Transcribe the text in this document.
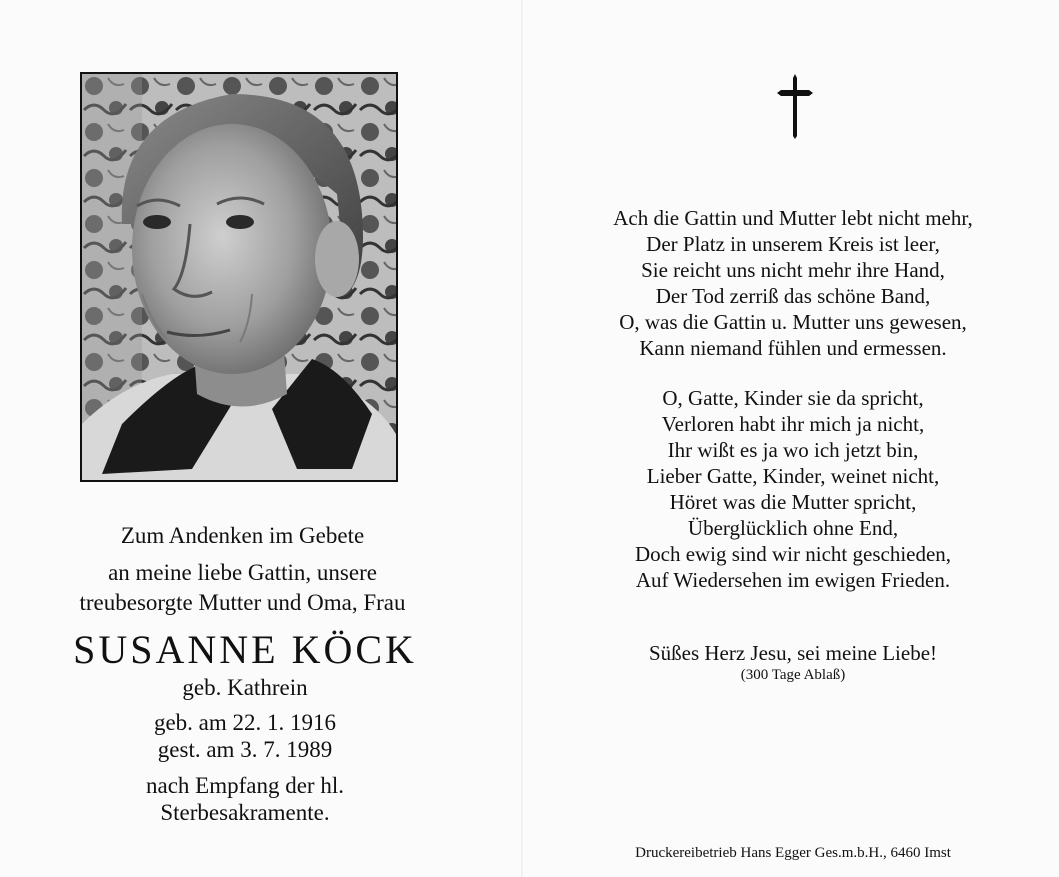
Zum Andenken im Gebete
an meine liebe Gattin, unsere
treubesorgte Mutter und Oma, Frau
SUSANNE KÖCK
geb. Kathrein
geb. am 22. 1. 1916
gest. am 3. 7. 1989
nach Empfang der hl.
Sterbesakramente.
Ach die Gattin und Mutter lebt nicht mehr,
Der Platz in unserem Kreis ist leer,
Sie reicht uns nicht mehr ihre Hand,
Der Tod zerriß das schöne Band,
O, was die Gattin u. Mutter uns gewesen,
Kann niemand fühlen und ermessen.
O, Gatte, Kinder sie da spricht,
Verloren habt ihr mich ja nicht,
Ihr wißt es ja wo ich jetzt bin,
Lieber Gatte, Kinder, weinet nicht,
Höret was die Mutter spricht,
Überglücklich ohne End,
Doch ewig sind wir nicht geschieden,
Auf Wiedersehen im ewigen Frieden.
Süßes Herz Jesu, sei meine Liebe!
(300 Tage Ablaß)
Druckereibetrieb Hans Egger Ges.m.b.H., 6460 Imst
